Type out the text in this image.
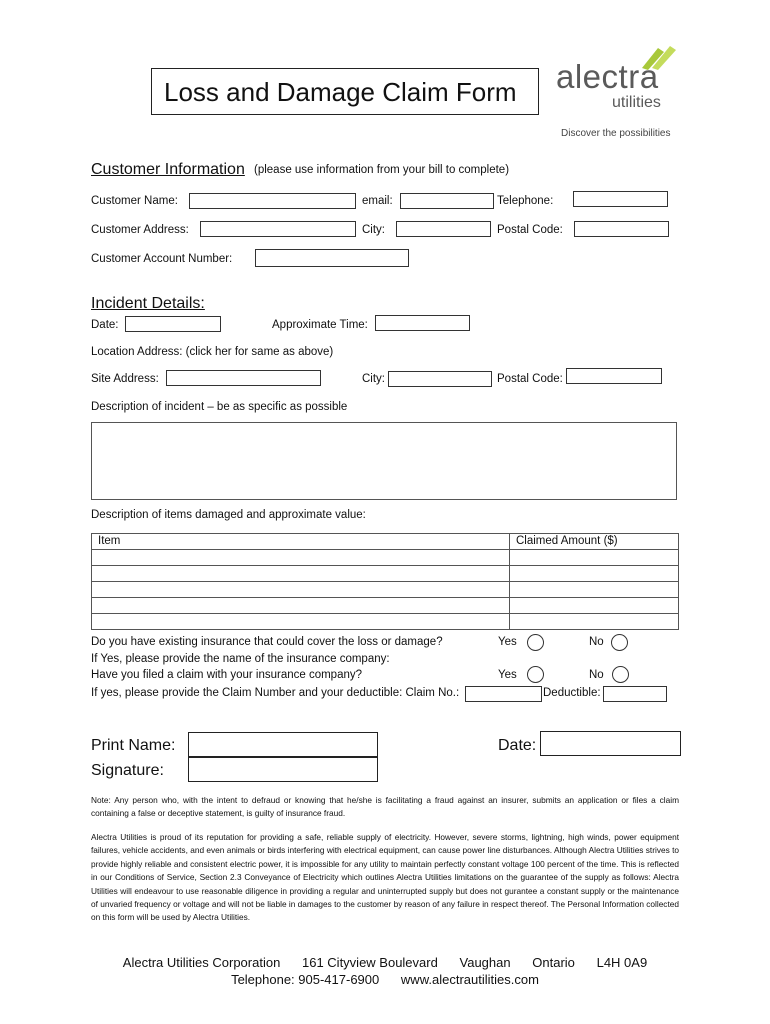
Loss and Damage Claim Form alectra
utilities
Discover the possibilities
Customer Information (please use information from your bill to complete)
Customer Name:	email:	Telephone:
Customer Address:	City:	Postal Code:
Customer Account Number:
Incident Details:
Date:	Approximate Time:
Location Address: (click her for same as above)
Site Address:	City:	Postal Code:
Description of incident – be as specific as possible
Description of items damaged and approximate value:
Item	Claimed Amount ($)

Do you have existing insurance that could cover the loss or damage?	Yes	No
If Yes, please provide the name of the insurance company:
Have you filed a claim with your insurance company?	Yes	No
If yes, please provide the Claim Number and your deductible: Claim No.:	Deductible:
Print Name:
Signature:
Date:
Note: Any person who, with the intent to defraud or knowing that he/she is facilitating a fraud against an insurer, submits an application or files a claim containing a false or deceptive statement, is guilty of insurance fraud.
Alectra Utilities is proud of its reputation for providing a safe, reliable supply of electricity. However, severe storms, lightning, high winds, power equipment failures, vehicle accidents, and even animals or birds interfering with electrical equipment, can cause power line disturbances. Although Alectra Utilities strives to provide highly reliable and consistent electric power, it is impossible for any utility to maintain perfectly constant voltage 100 percent of the time. This is reflected in our Conditions of Service, Section 2.3 Conveyance of Electricity which outlines Alectra Utilities limitations on the guarantee of the supply as follows: Alectra Utilities will endeavour to use reasonable diligence in providing a regular and uninterrupted supply but does not gurantee a constant supply or the maintenance of unvaried frequency or voltage and will not be liable in damages to the customer by reason of any failure in respect thereof. The Personal Information collected on this form will be used by Alectra Utilities.
Alectra Utilities Corporation 161 Cityview Boulevard Vaughan Ontario L4H 0A9
Telephone: 905-417-6900 www.alectrautilities.com
